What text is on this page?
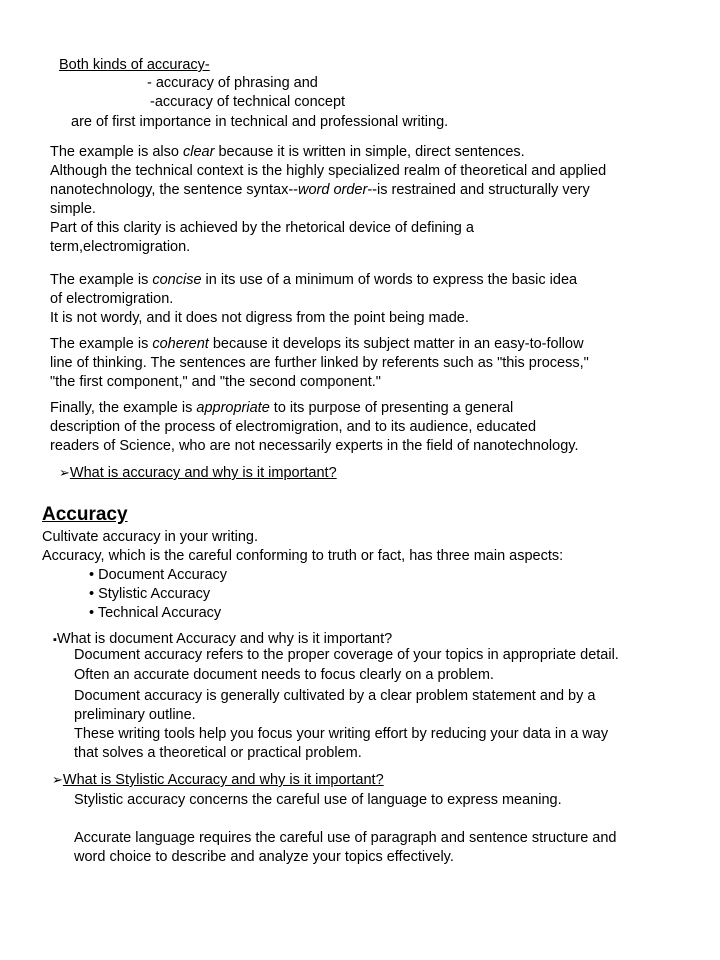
Both kinds of accuracy-
- accuracy of phrasing and
-accuracy of technical concept
are of first importance in technical and professional writing.
The example is also clear because it is written in simple, direct sentences.
Although the technical context is the highly specialized realm of theoretical and applied
nanotechnology, the sentence syntax--word order--is restrained and structurally very
simple.
Part of this clarity is achieved by the rhetorical device of defining a
term,electromigration.
The example is concise in its use of a minimum of words to express the basic idea
of electromigration.
It is not wordy, and it does not digress from the point being made.
The example is coherent because it develops its subject matter in an easy-to-follow
line of thinking. The sentences are further linked by referents such as "this process,"
"the first component," and "the second component."
Finally, the example is appropriate to its purpose of presenting a general
description of the process of electromigration, and to its audience, educated
readers of Science, who are not necessarily experts in the field of nanotechnology.
➢What is accuracy and why is it important?
Accuracy
Cultivate accuracy in your writing.
Accuracy, which is the careful conforming to truth or fact, has three main aspects:
• Document Accuracy
• Stylistic Accuracy
• Technical Accuracy
▪What is document Accuracy and why is it important?
Document accuracy refers to the proper coverage of your topics in appropriate detail.
Often an accurate document needs to focus clearly on a problem.
Document accuracy is generally cultivated by a clear problem statement and by a
preliminary outline.
These writing tools help you focus your writing effort by reducing your data in a way
that solves a theoretical or practical problem.
➢What is Stylistic Accuracy and why is it important?
Stylistic accuracy concerns the careful use of language to express meaning.
Accurate language requires the careful use of paragraph and sentence structure and
word choice to describe and analyze your topics effectively.
